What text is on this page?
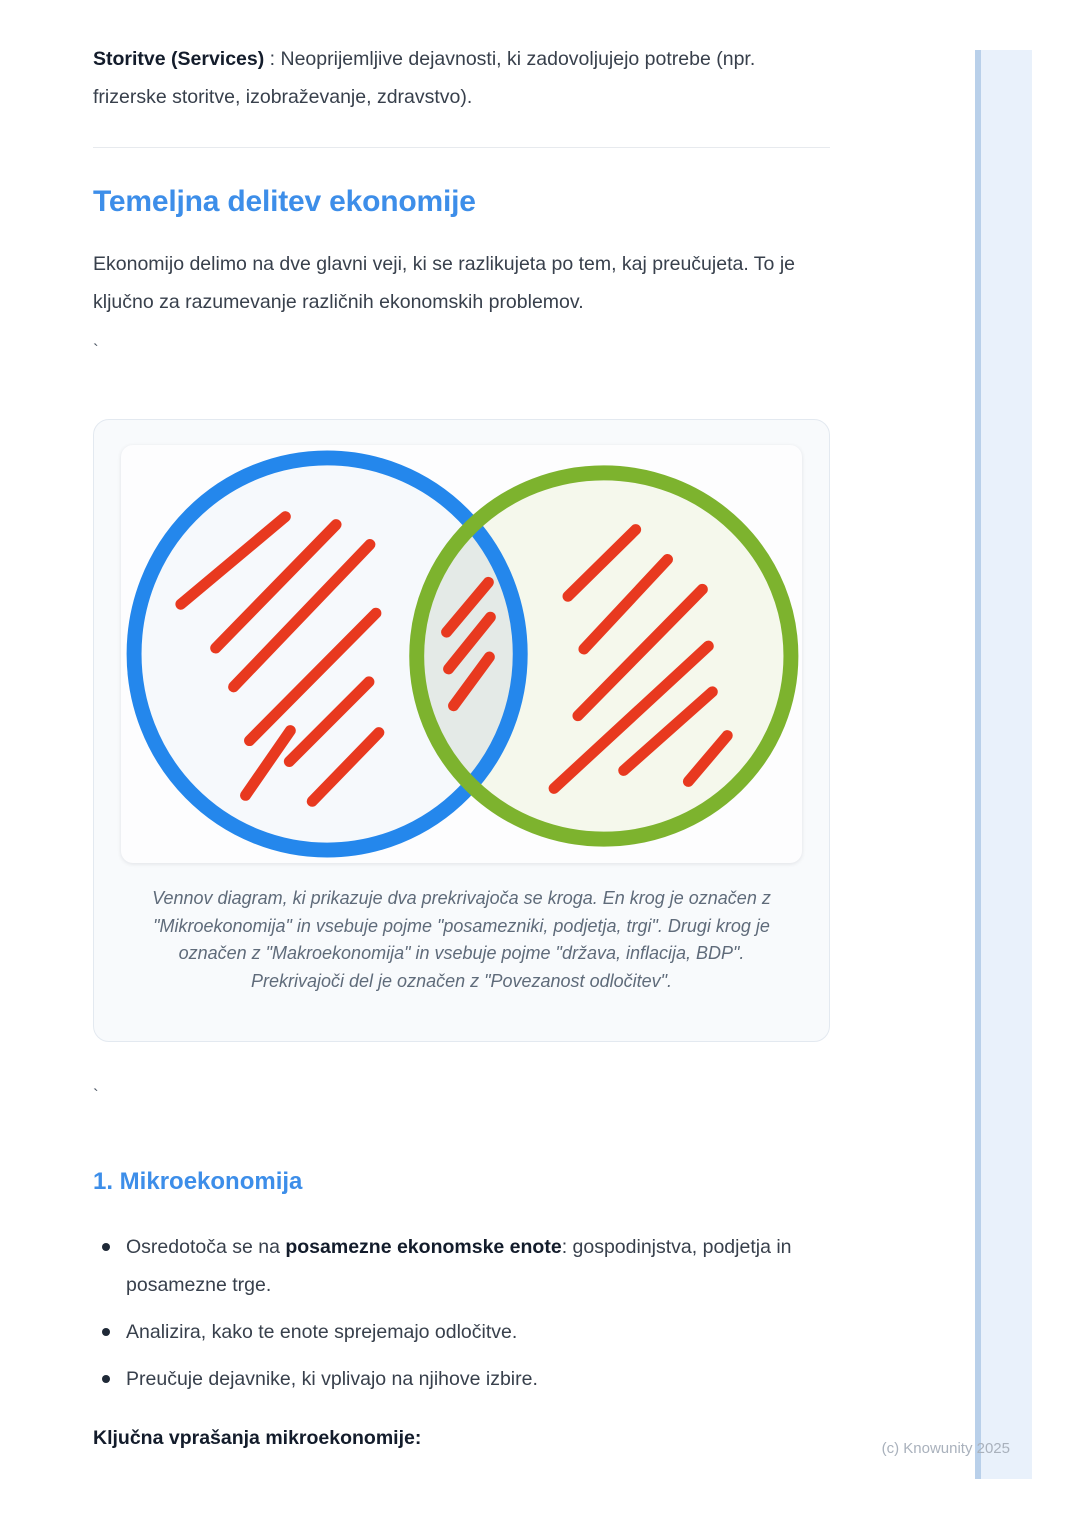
Storitve (Services) : Neoprijemljive dejavnosti, ki zadovoljujejo potrebe (npr. frizerske storitve, izobraževanje, zdravstvo).

Temeljna delitev ekonomije

Ekonomijo delimo na dve glavni veji, ki se razlikujeta po tem, kaj preučujeta. To je ključno za razumevanje različnih ekonomskih problemov.

`

Vennov diagram, ki prikazuje dva prekrivajoča se kroga. En krog je označen z "Mikroekonomija" in vsebuje pojme "posamezniki, podjetja, trgi". Drugi krog je označen z "Makroekonomija" in vsebuje pojme "država, inflacija, BDP". Prekrivajoči del je označen z "Povezanost odločitev".

`

1. Mikroekonomija
Osredotoča se na posamezne ekonomske enote: gospodinjstva, podjetja in posamezne trge.
Analizira, kako te enote sprejemajo odločitve.
Preučuje dejavnike, ki vplivajo na njihove izbire.

Ključna vprašanja mikroekonomije:	(c) Knowunity 2025
